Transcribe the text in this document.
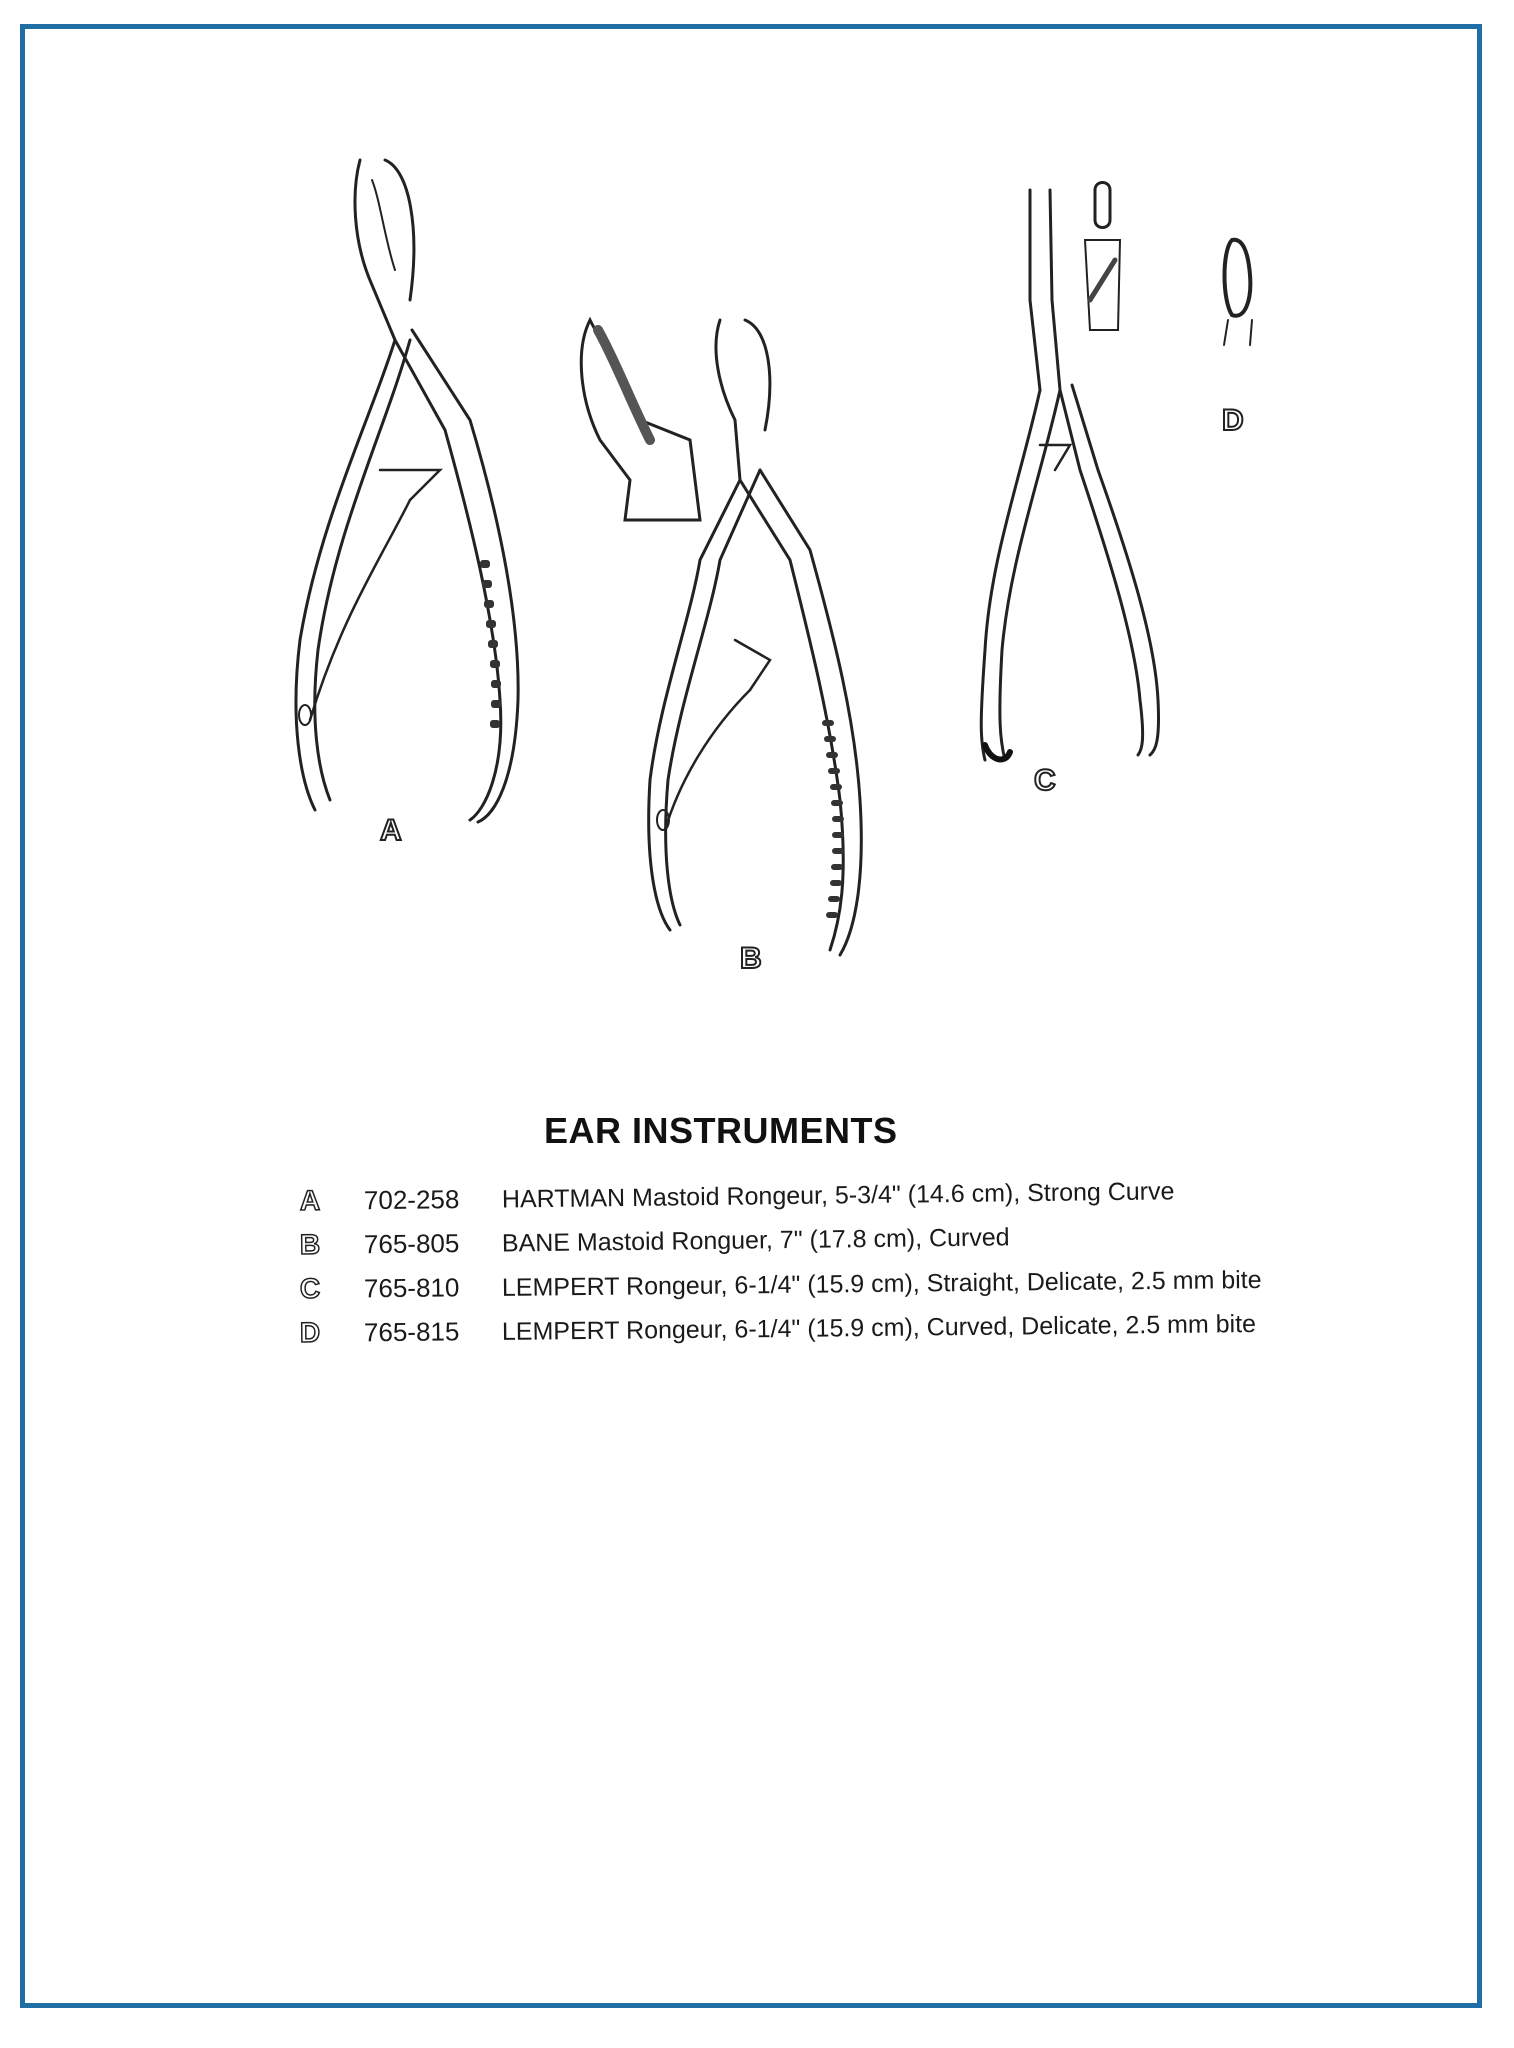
A
B
C
D
EAR INSTRUMENTS
A	702-258	HARTMAN Mastoid Rongeur, 5-3/4" (14.6 cm), Strong Curve
B	765-805	BANE Mastoid Ronguer, 7" (17.8 cm), Curved
C	765-810	LEMPERT Rongeur, 6-1/4" (15.9 cm), Straight, Delicate, 2.5 mm bite
D	765-815	LEMPERT Rongeur, 6-1/4" (15.9 cm), Curved, Delicate, 2.5 mm bite
